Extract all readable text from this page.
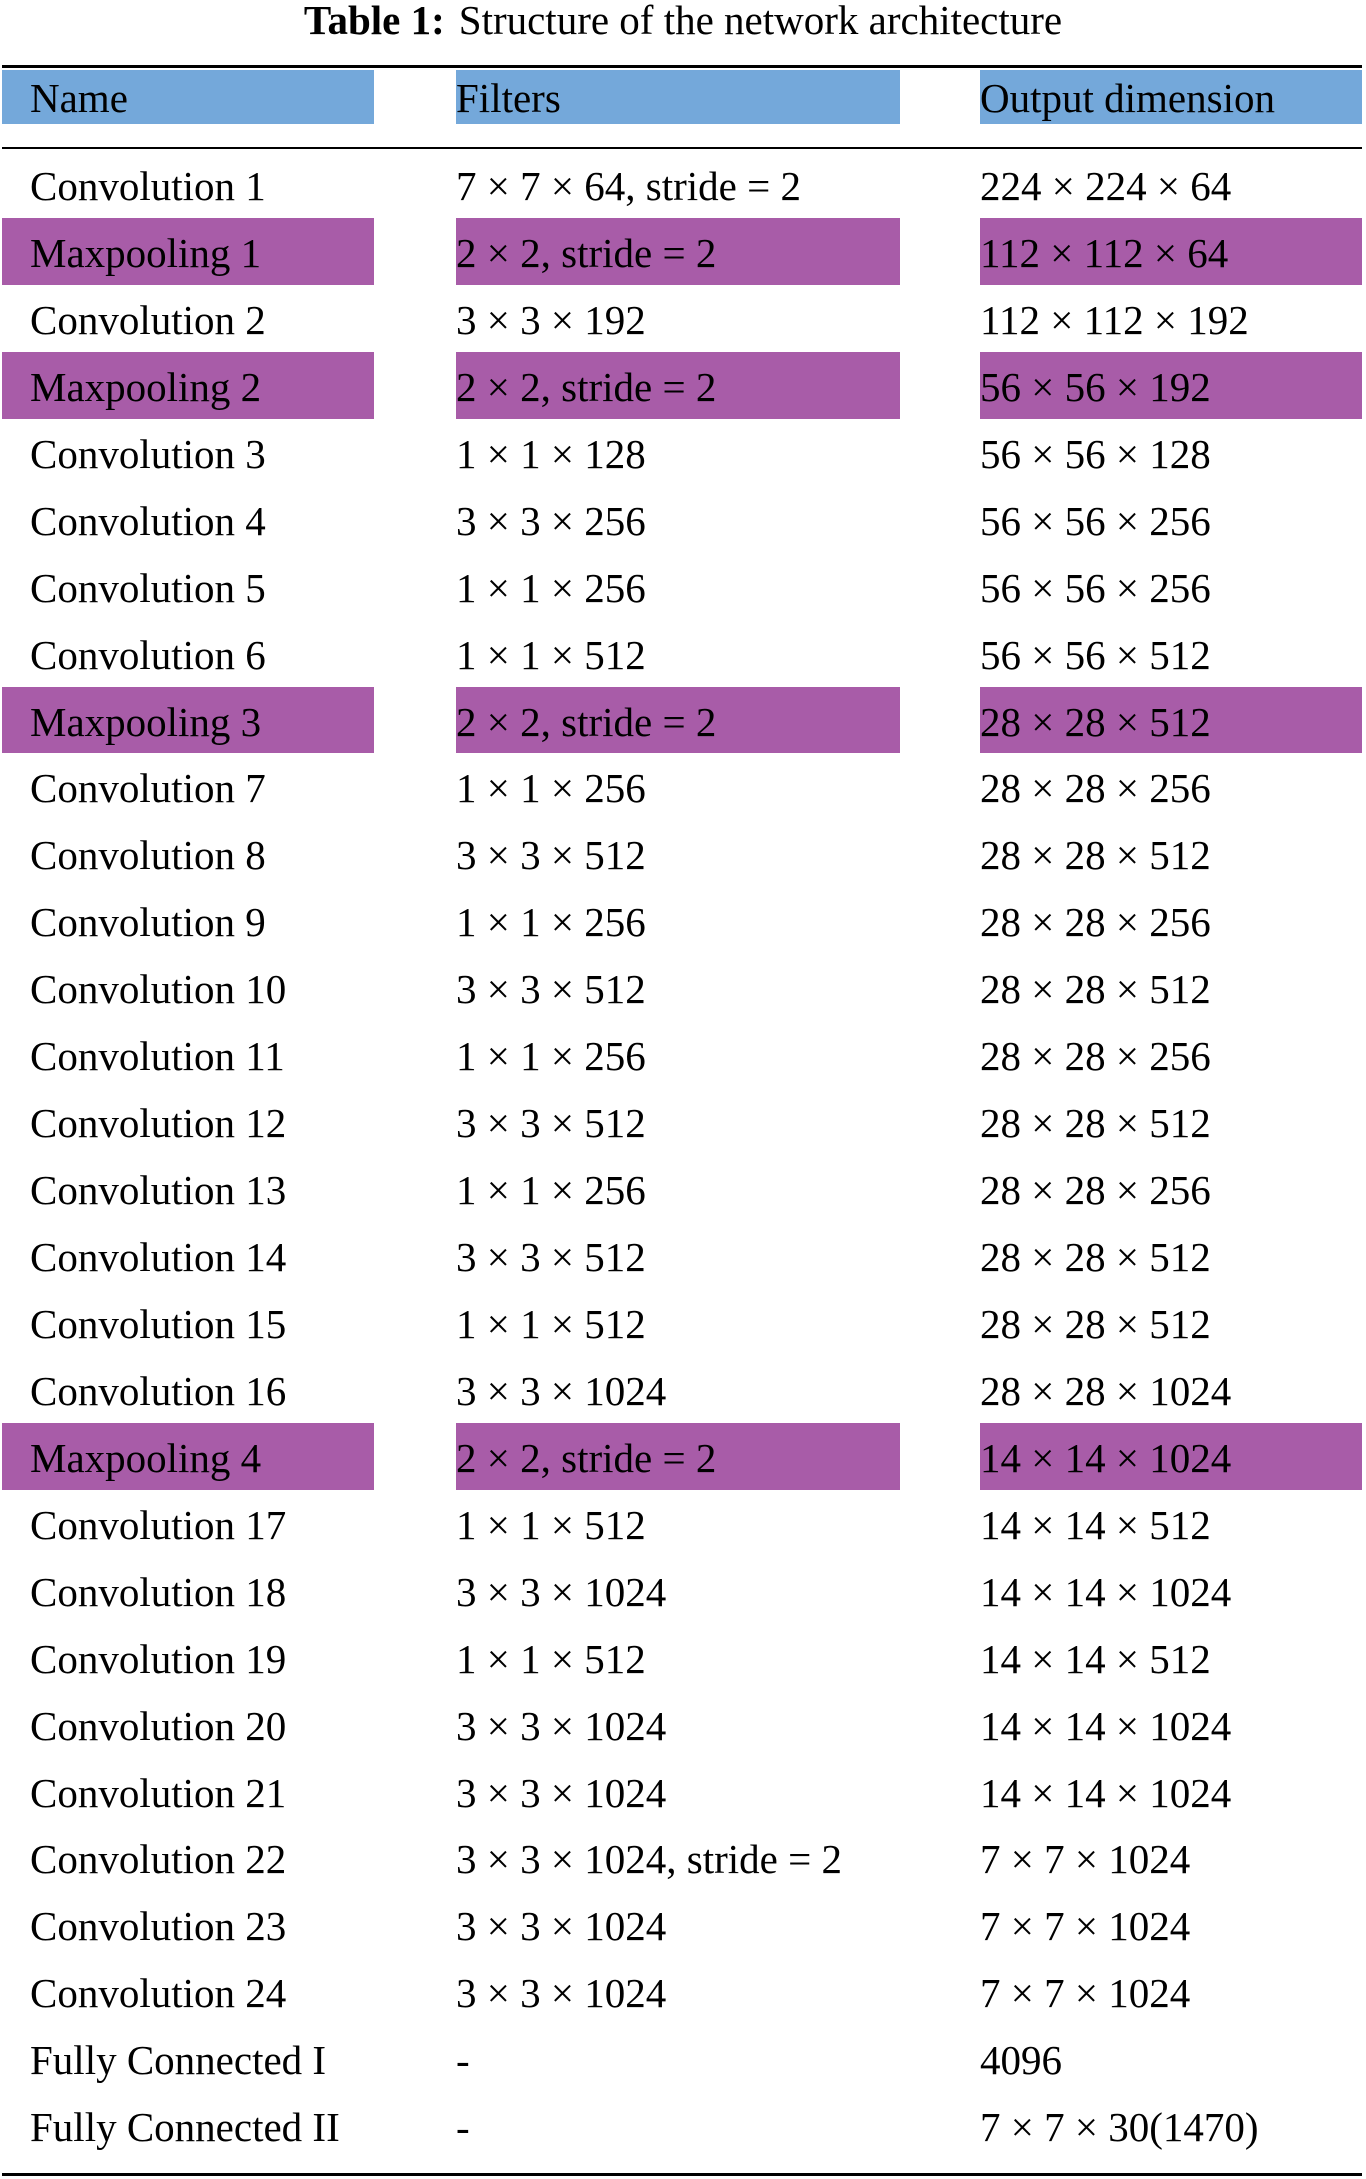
Table 1: Structure of the network architecture
Name	Filters	Output dimension
Convolution 1	7 × 7 × 64, stride = 2	224 × 224 × 64
Maxpooling 1	2 × 2, stride = 2	112 × 112 × 64
Convolution 2	3 × 3 × 192	112 × 112 × 192
Maxpooling 2	2 × 2, stride = 2	56 × 56 × 192
Convolution 3	1 × 1 × 128	56 × 56 × 128
Convolution 4	3 × 3 × 256	56 × 56 × 256
Convolution 5	1 × 1 × 256	56 × 56 × 256
Convolution 6	1 × 1 × 512	56 × 56 × 512
Maxpooling 3	2 × 2, stride = 2	28 × 28 × 512
Convolution 7	1 × 1 × 256	28 × 28 × 256
Convolution 8	3 × 3 × 512	28 × 28 × 512
Convolution 9	1 × 1 × 256	28 × 28 × 256
Convolution 10	3 × 3 × 512	28 × 28 × 512
Convolution 11	1 × 1 × 256	28 × 28 × 256
Convolution 12	3 × 3 × 512	28 × 28 × 512
Convolution 13	1 × 1 × 256	28 × 28 × 256
Convolution 14	3 × 3 × 512	28 × 28 × 512
Convolution 15	1 × 1 × 512	28 × 28 × 512
Convolution 16	3 × 3 × 1024	28 × 28 × 1024
Maxpooling 4	2 × 2, stride = 2	14 × 14 × 1024
Convolution 17	1 × 1 × 512	14 × 14 × 512
Convolution 18	3 × 3 × 1024	14 × 14 × 1024
Convolution 19	1 × 1 × 512	14 × 14 × 512
Convolution 20	3 × 3 × 1024	14 × 14 × 1024
Convolution 21	3 × 3 × 1024	14 × 14 × 1024
Convolution 22	3 × 3 × 1024, stride = 2	7 × 7 × 1024
Convolution 23	3 × 3 × 1024	7 × 7 × 1024
Convolution 24	3 × 3 × 1024	7 × 7 × 1024
Fully Connected I	-	4096
Fully Connected II	-	7 × 7 × 30(1470)
